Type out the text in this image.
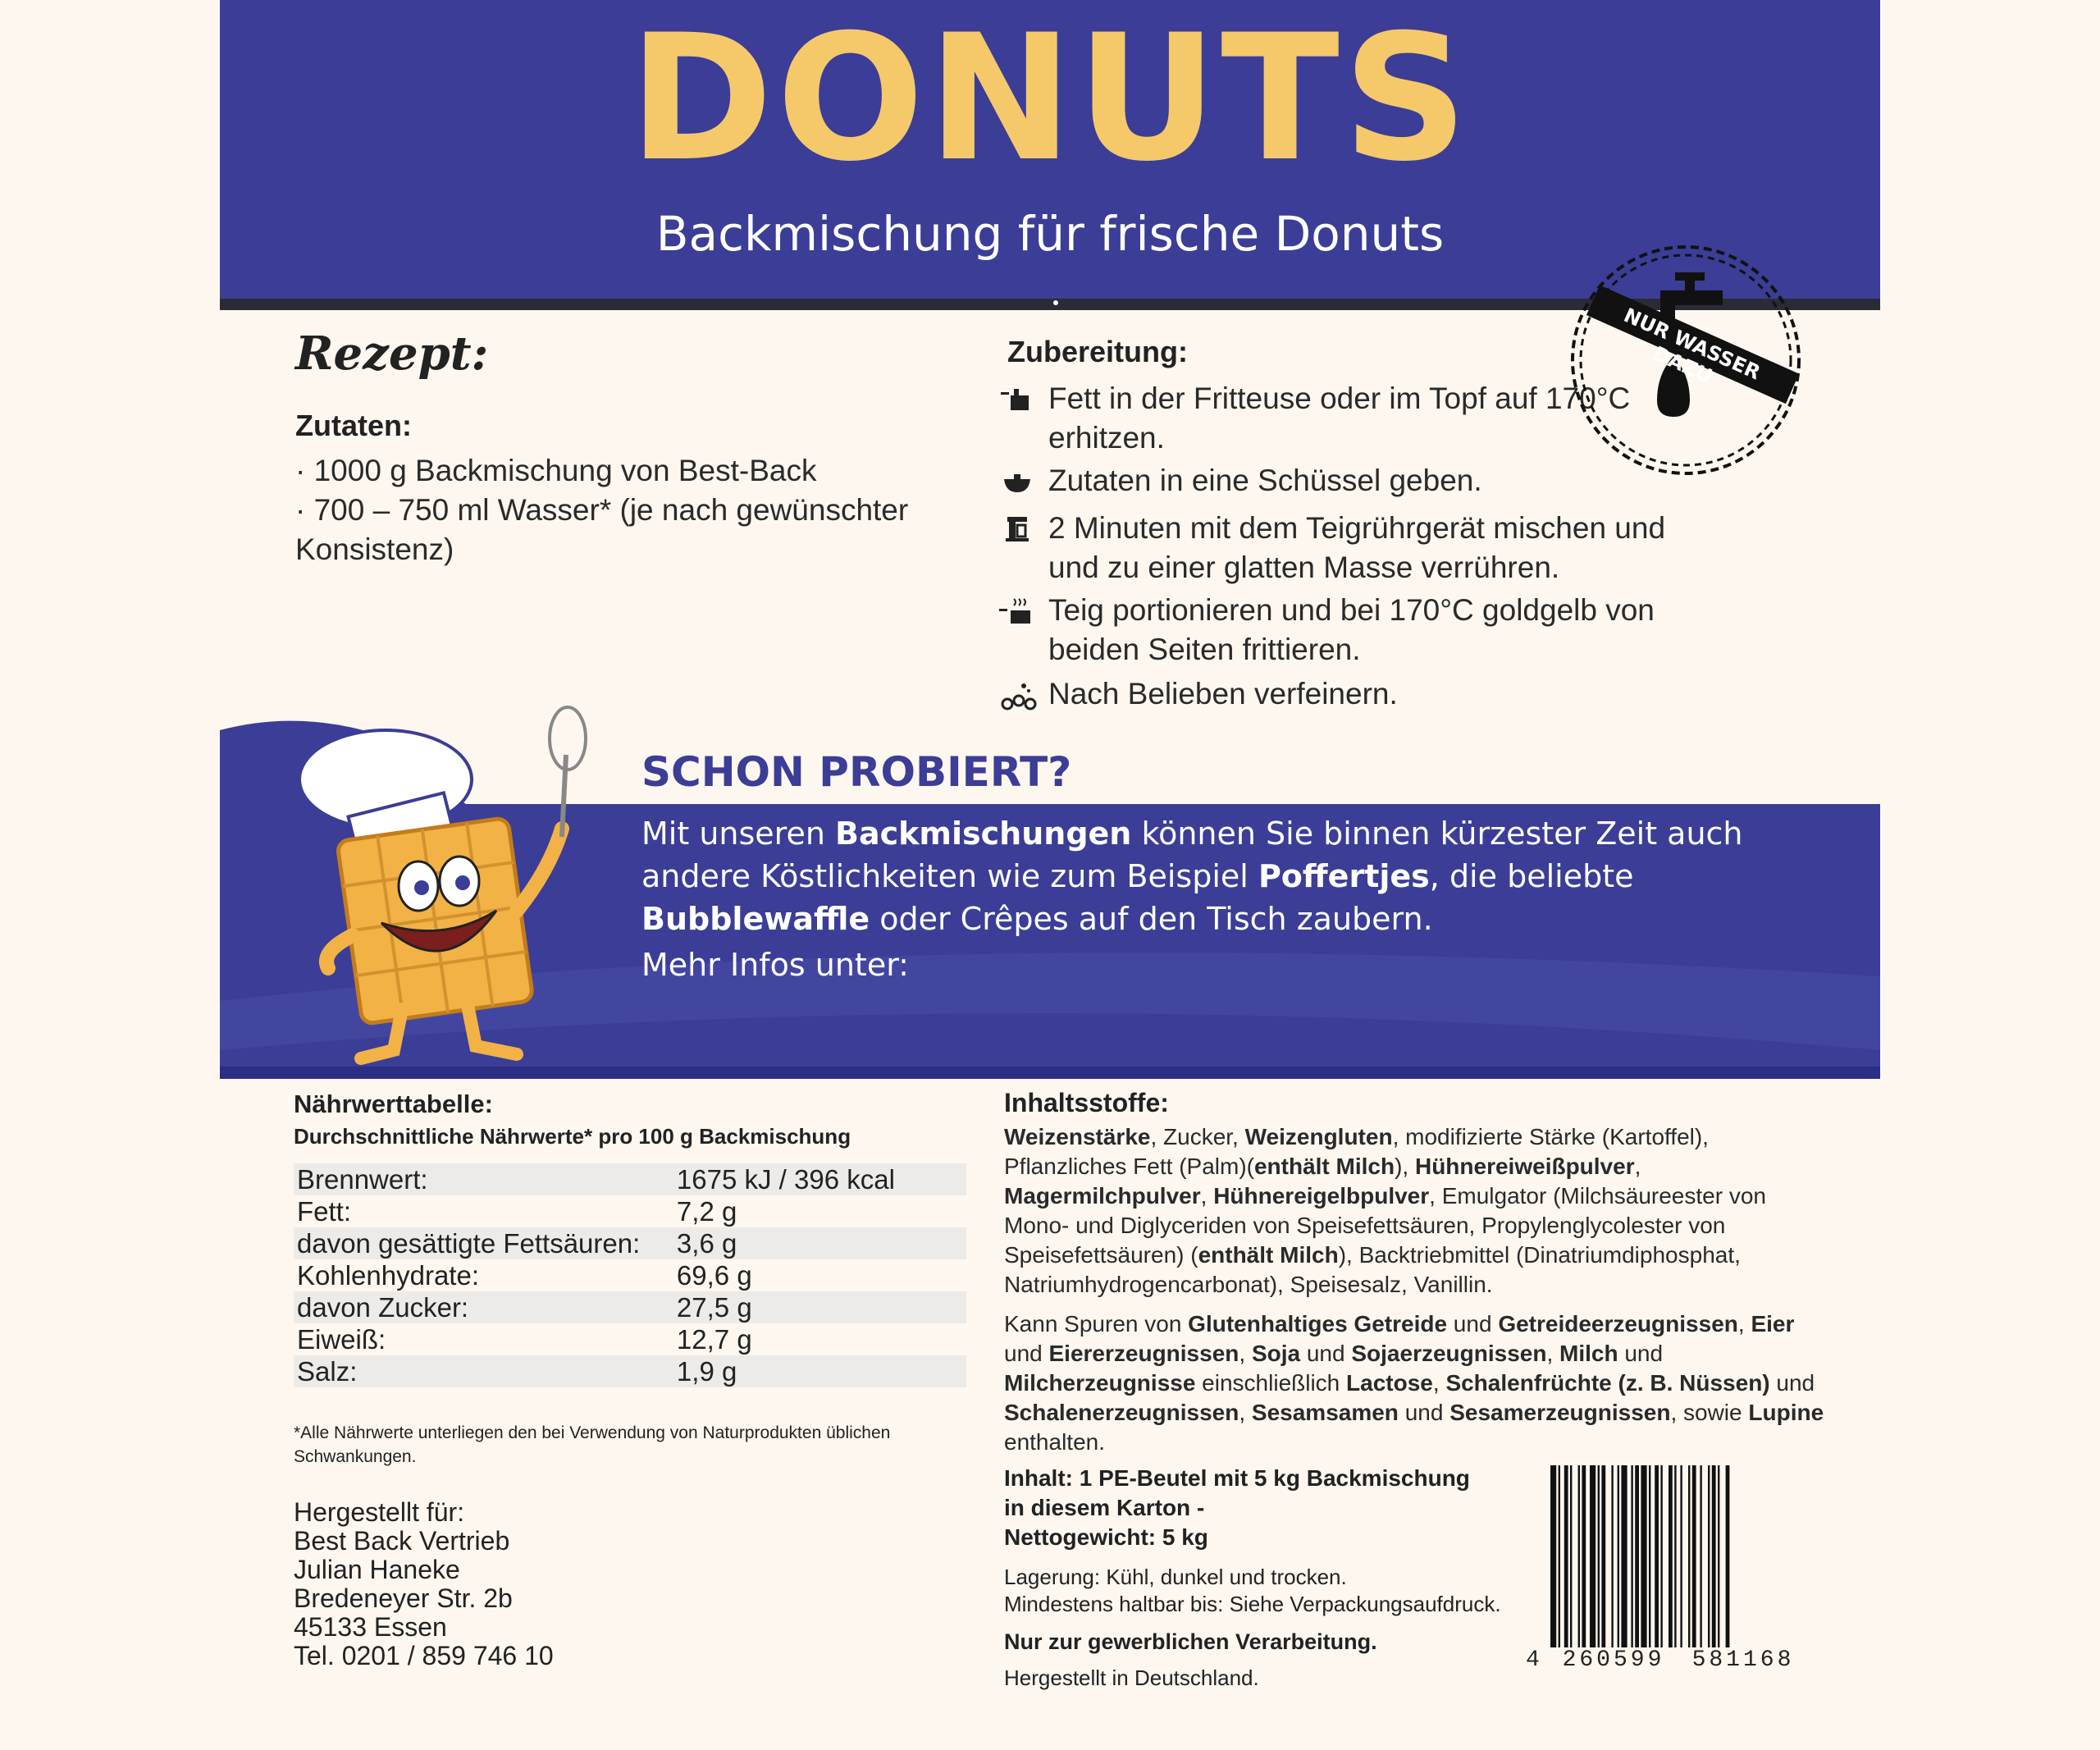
DONUTS
Backmischung für frische Donuts
Rezept:
Zutaten:
· 1000 g Backmischung von Best-Back
· 700 – 750 ml Wasser* (je nach gewünschter Konsistenz)
Zubereitung:
Fett in der Fritteuse oder im Topf auf 170°C erhitzen.
Zutaten in eine Schüssel geben.
2 Minuten mit dem Teigrührgerät mischen und und zu einer glatten Masse verrühren.
Teig portionieren und bei 170°C goldgelb von beiden Seiten frittieren.
Nach Belieben verfeinern.
NUR WASSER DAZU
SCHON PROBIERT?
Mit unseren Backmischungen können Sie binnen kürzester Zeit auch andere Köstlichkeiten wie zum Beispiel Poffertjes, die beliebte Bubblewaffle oder Crêpes auf den Tisch zaubern.
Mehr Infos unter:
Nährwerttabelle:
Durchschnittliche Nährwerte* pro 100 g Backmischung
Brennwert:	1675 kJ / 396 kcal
Fett:	7,2 g
davon gesättigte Fettsäuren:	3,6 g
Kohlenhydrate:	69,6 g
davon Zucker:	27,5 g
Eiweiß:	12,7 g
Salz:	1,9 g
*Alle Nährwerte unterliegen den bei Verwendung von Naturprodukten üblichen Schwankungen.
Hergestellt für:
Best Back Vertrieb
Julian Haneke
Bredeneyer Str. 2b
45133 Essen
Tel. 0201 / 859 746 10
Inhaltsstoffe:
Weizenstärke, Zucker, Weizengluten, modifizierte Stärke (Kartoffel), Pflanzliches Fett (Palm)(enthält Milch), Hühnereiweißpulver, Magermilchpulver, Hühnereigelbpulver, Emulgator (Milchsäureester von Mono- und Diglyceriden von Speisefettsäuren, Propylenglycolester von Speisefettsäuren) (enthält Milch), Backtriebmittel (Dinatriumdiphosphat, Natriumhydrogencarbonat), Speisesalz, Vanillin.
Kann Spuren von Glutenhaltiges Getreide und Getreideerzeugnissen, Eier und Eiererzeugnissen, Soja und Sojaerzeugnissen, Milch und Milcherzeugnisse einschließlich Lactose, Schalenfrüchte (z. B. Nüssen) und Schalenerzeugnissen, Sesamsamen und Sesamerzeugnissen, sowie Lupine enthalten.
Inhalt: 1 PE-Beutel mit 5 kg Backmischung
in diesem Karton -
Nettogewicht: 5 kg
Lagerung: Kühl, dunkel und trocken.
Mindestens haltbar bis: Siehe Verpackungsaufdruck.
Nur zur gewerblichen Verarbeitung.
Hergestellt in Deutschland.
4 260599	581168
